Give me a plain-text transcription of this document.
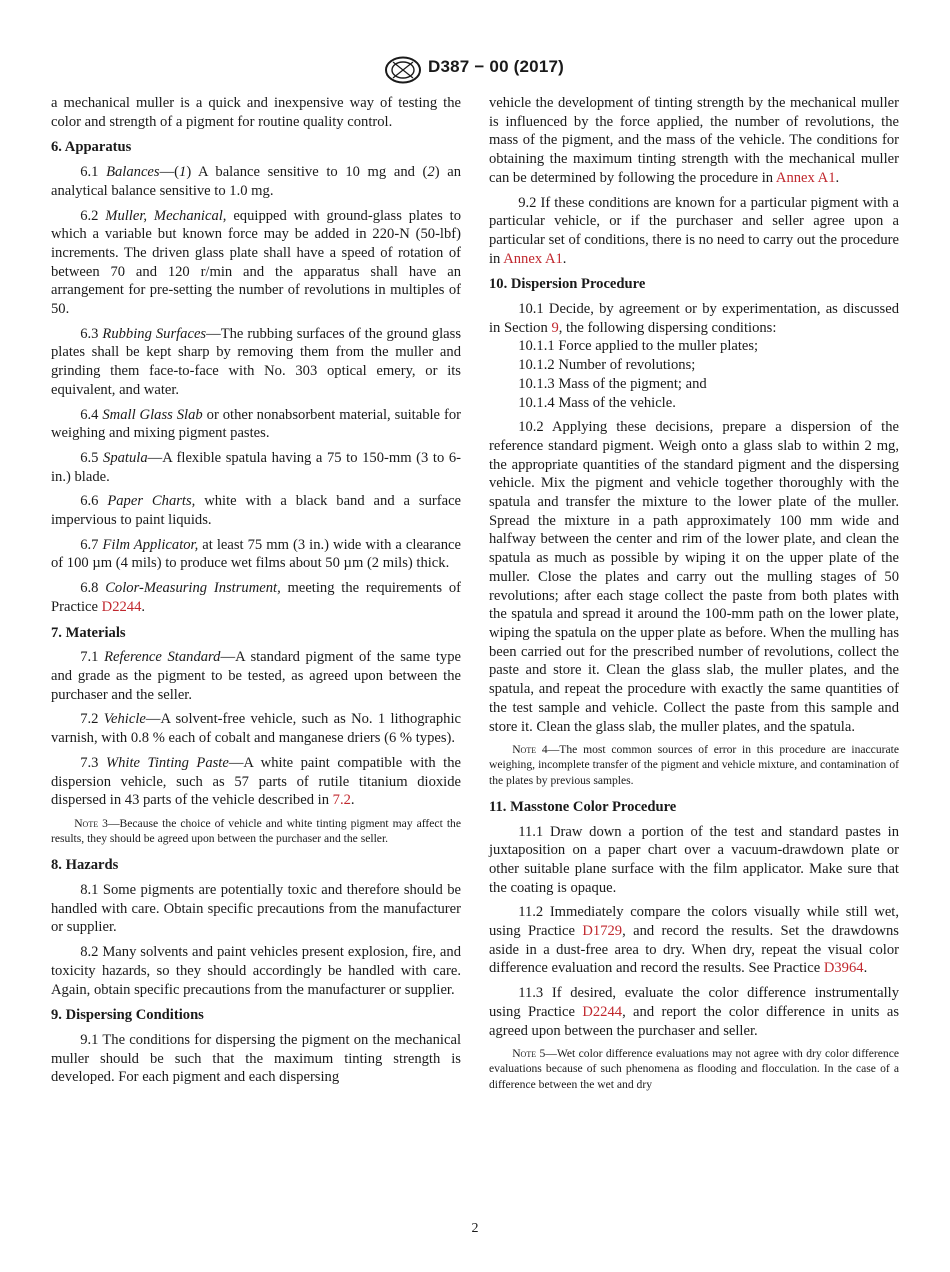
D387 − 00 (2017)

a mechanical muller is a quick and inexpensive way of testing the color and strength of a pigment for routine quality control.

6. Apparatus

6.1 Balances—(1) A balance sensitive to 10 mg and (2) an analytical balance sensitive to 1.0 mg.

6.2 Muller, Mechanical, equipped with ground-glass plates to which a variable but known force may be added in 220-N (50-lbf) increments. The driven glass plate shall have a speed of rotation of between 70 and 120 r/min and the apparatus shall have an arrangement for pre-setting the number of revolutions in multiples of 50.

6.3 Rubbing Surfaces—The rubbing surfaces of the ground glass plates shall be kept sharp by removing them from the muller and grinding them face-to-face with No. 303 optical emery, or its equivalent, and water.

6.4 Small Glass Slab or other nonabsorbent material, suitable for weighing and mixing pigment pastes.

6.5 Spatula—A flexible spatula having a 75 to 150-mm (3 to 6-in.) blade.

6.6 Paper Charts, white with a black band and a surface impervious to paint liquids.

6.7 Film Applicator, at least 75 mm (3 in.) wide with a clearance of 100 µm (4 mils) to produce wet films about 50 µm (2 mils) thick.

6.8 Color-Measuring Instrument, meeting the requirements of Practice D2244.

7. Materials

7.1 Reference Standard—A standard pigment of the same type and grade as the pigment to be tested, as agreed upon between the purchaser and the seller.

7.2 Vehicle—A solvent-free vehicle, such as No. 1 lithographic varnish, with 0.8 % each of cobalt and manganese driers (6 % types).

7.3 White Tinting Paste—A white paint compatible with the dispersion vehicle, such as 57 parts of rutile titanium dioxide dispersed in 43 parts of the vehicle described in 7.2.

Note 3—Because the choice of vehicle and white tinting pigment may affect the results, they should be agreed upon between the purchaser and the seller.
8. Hazards

8.1 Some pigments are potentially toxic and therefore should be handled with care. Obtain specific precautions from the manufacturer or supplier.

8.2 Many solvents and paint vehicles present explosion, fire, and toxicity hazards, so they should accordingly be handled with care. Again, obtain specific precautions from the manufacturer or supplier.

9. Dispersing Conditions

9.1 The conditions for dispersing the pigment on the mechanical muller should be such that the maximum tinting strength is developed. For each pigment and each dispersing

vehicle the development of tinting strength by the mechanical muller is influenced by the force applied, the number of revolutions, the mass of the pigment, and the mass of the vehicle. The conditions for obtaining the maximum tinting strength with the mechanical muller can be determined by following the procedure in Annex A1.

9.2 If these conditions are known for a particular pigment with a particular vehicle, or if the purchaser and seller agree upon a particular set of conditions, there is no need to carry out the procedure in Annex A1.

10. Dispersion Procedure

10.1 Decide, by agreement or by experimentation, as discussed in Section 9, the following dispersing conditions:

10.1.1 Force applied to the muller plates;
10.1.2 Number of revolutions;
10.1.3 Mass of the pigment; and
10.1.4 Mass of the vehicle.

10.2 Applying these decisions, prepare a dispersion of the reference standard pigment. Weigh onto a glass slab to within 2 mg, the appropriate quantities of the standard pigment and the dispersing vehicle. Mix the pigment and vehicle together thoroughly with the spatula and transfer the mixture to the lower plate of the muller. Spread the mixture in a path approximately 100 mm wide and halfway between the center and rim of the lower plate, and clean the spatula as much as possible by wiping it on the upper plate of the muller. Close the plates and carry out the mulling stages of 50 revolutions; after each stage collect the paste from both plates with the spatula and spread it around the 100-mm path on the lower plate, wiping the spatula on the upper plate as before. When the mulling has been carried out for the prescribed number of revolutions, collect the paste and store it. Clean the glass slab, the muller plates, and the spatula, and repeat the procedure with exactly the same quantities of the test sample and vehicle. Collect the paste from this sample and store it. Clean the glass slab, the muller plates, and the spatula.

Note 4—The most common sources of error in this procedure are inaccurate weighing, incomplete transfer of the pigment and vehicle mixture, and contamination of the plates by previous samples.
11. Masstone Color Procedure

11.1 Draw down a portion of the test and standard pastes in juxtaposition on a paper chart over a vacuum-drawdown plate or other suitable plane surface with the film applicator. Make sure that the coating is opaque.

11.2 Immediately compare the colors visually while still wet, using Practice D1729, and record the results. Set the drawdowns aside in a dust-free area to dry. When dry, repeat the visual color difference evaluation and record the results. See Practice D3964.

11.3 If desired, evaluate the color difference instrumentally using Practice D2244, and report the color difference in units as agreed upon between the purchaser and seller.

Note 5—Wet color difference evaluations may not agree with dry color difference evaluations because of such phenomena as flooding and flocculation. In the case of a difference between the wet and dry
2
